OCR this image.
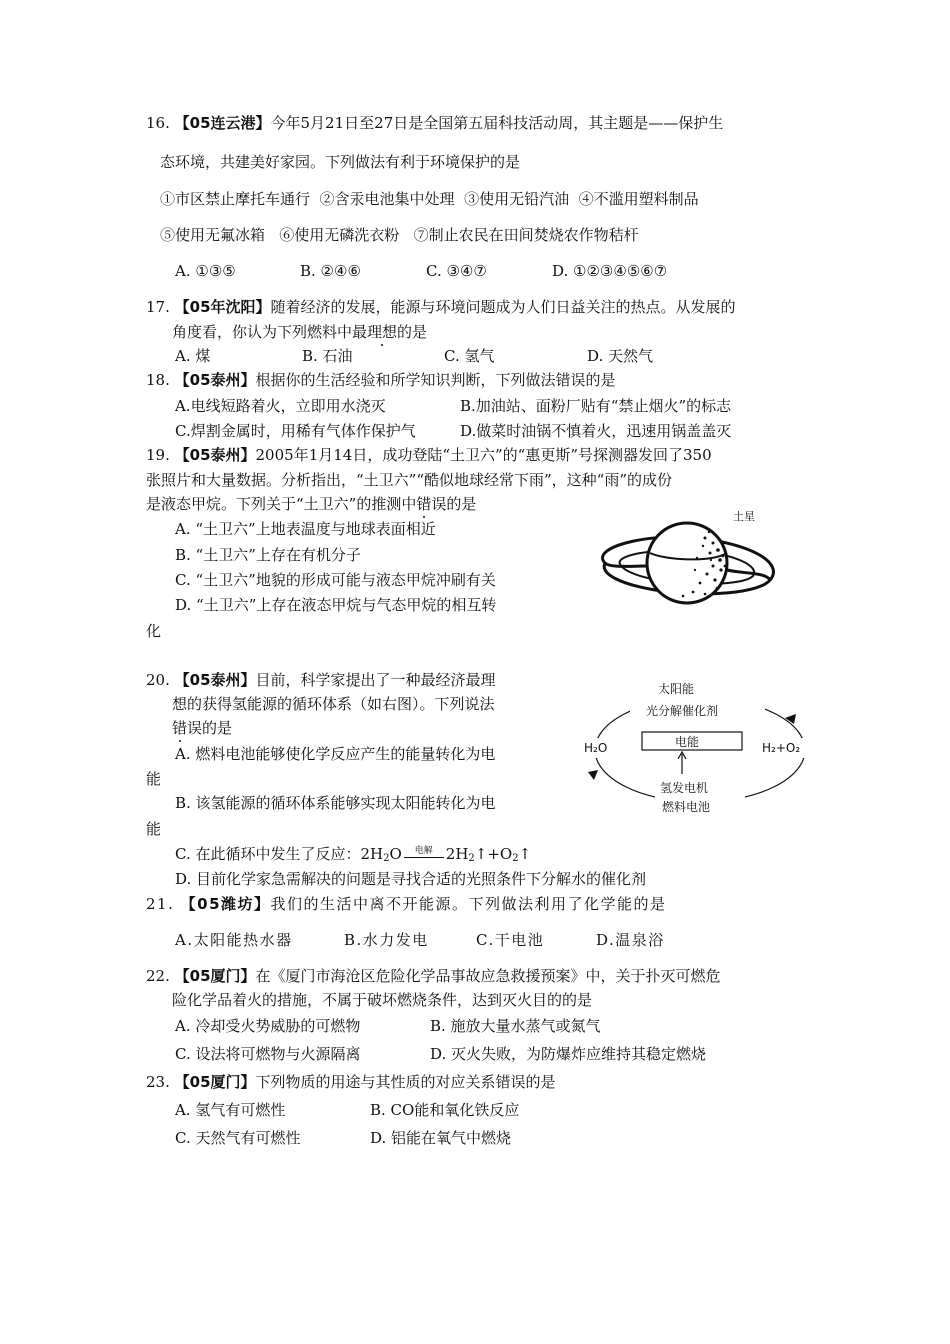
16. 【05连云港】今年5月21日至27日是全国第五届科技活动周，其主题是——保护生
态环境，共建美好家园。下列做法有利于环境保护的是
①市区禁止摩托车通行  ②含汞电池集中处理  ③使用无铅汽油  ④不滥用塑料制品
⑤使用无氟冰箱   ⑥使用无磷洗衣粉   ⑦制止农民在田间焚烧农作物秸杆
A. ①③⑤	B. ②④⑥	C. ③④⑦	D. ①②③④⑤⑥⑦
17. 【05年沈阳】随着经济的发展，能源与环境问题成为人们日益关注的热点。从发展的
角度看，你认为下列燃料中最理想的是
A. 煤	B. 石油	C. 氢气	D. 天然气
18. 【05泰州】根据你的生活经验和所学知识判断，下列做法错误的是
A.电线短路着火，立即用水浇灭	B.加油站、面粉厂贴有“禁止烟火”的标志
C.焊割金属时，用稀有气体作保护气	D.做菜时油锅不慎着火，迅速用锅盖盖灭
19. 【05泰州】2005年1月14日，成功登陆“土卫六”的“惠更斯”号探测器发回了350
张照片和大量数据。分析指出，“土卫六”“酷似地球经常下雨”，这种“雨”的成份
是液态甲烷。下列关于“土卫六”的推测中错误的是
A. “土卫六”上地表温度与地球表面相近
B. “土卫六”上存在有机分子
C. “土卫六”地貌的形成可能与液态甲烷冲刷有关
D. “土卫六”上存在液态甲烷与气态甲烷的相互转
化
土星
20. 【05泰州】目前，科学家提出了一种最经济最理
想的获得氢能源的循环体系（如右图）。下列说法
错误的是
A. 燃料电池能够使化学反应产生的能量转化为电
能
B. 该氢能源的循环体系能够实现太阳能转化为电
能
C. 在此循环中发生了反应：$2H_2O$ 电解 $2H_2↑+O_2↑$
D. 目前化学家急需解决的问题是寻找合适的光照条件下分解水的催化剂
太阳能
光分解催化剂
H₂O	H₂+O₂
电能
氢发电机
燃料电池
21. 【05潍坊】我们的生活中离不开能源。下列做法利用了化学能的是
A.太阳能热水器	B.水力发电	C.干电池	D.温泉浴
22. 【05厦门】在《厦门市海沧区危险化学品事故应急救援预案》中，关于扑灭可燃危
险化学品着火的措施，不属于破坏燃烧条件，达到灭火目的的是
A. 冷却受火势威胁的可燃物	B. 施放大量水蒸气或氮气
C. 设法将可燃物与火源隔离	D. 灭火失败，为防爆炸应维持其稳定燃烧
23. 【05厦门】下列物质的用途与其性质的对应关系错误的是
A. 氢气有可燃性	B. CO能和氧化铁反应
C. 天然气有可燃性	D. 铝能在氧气中燃烧
